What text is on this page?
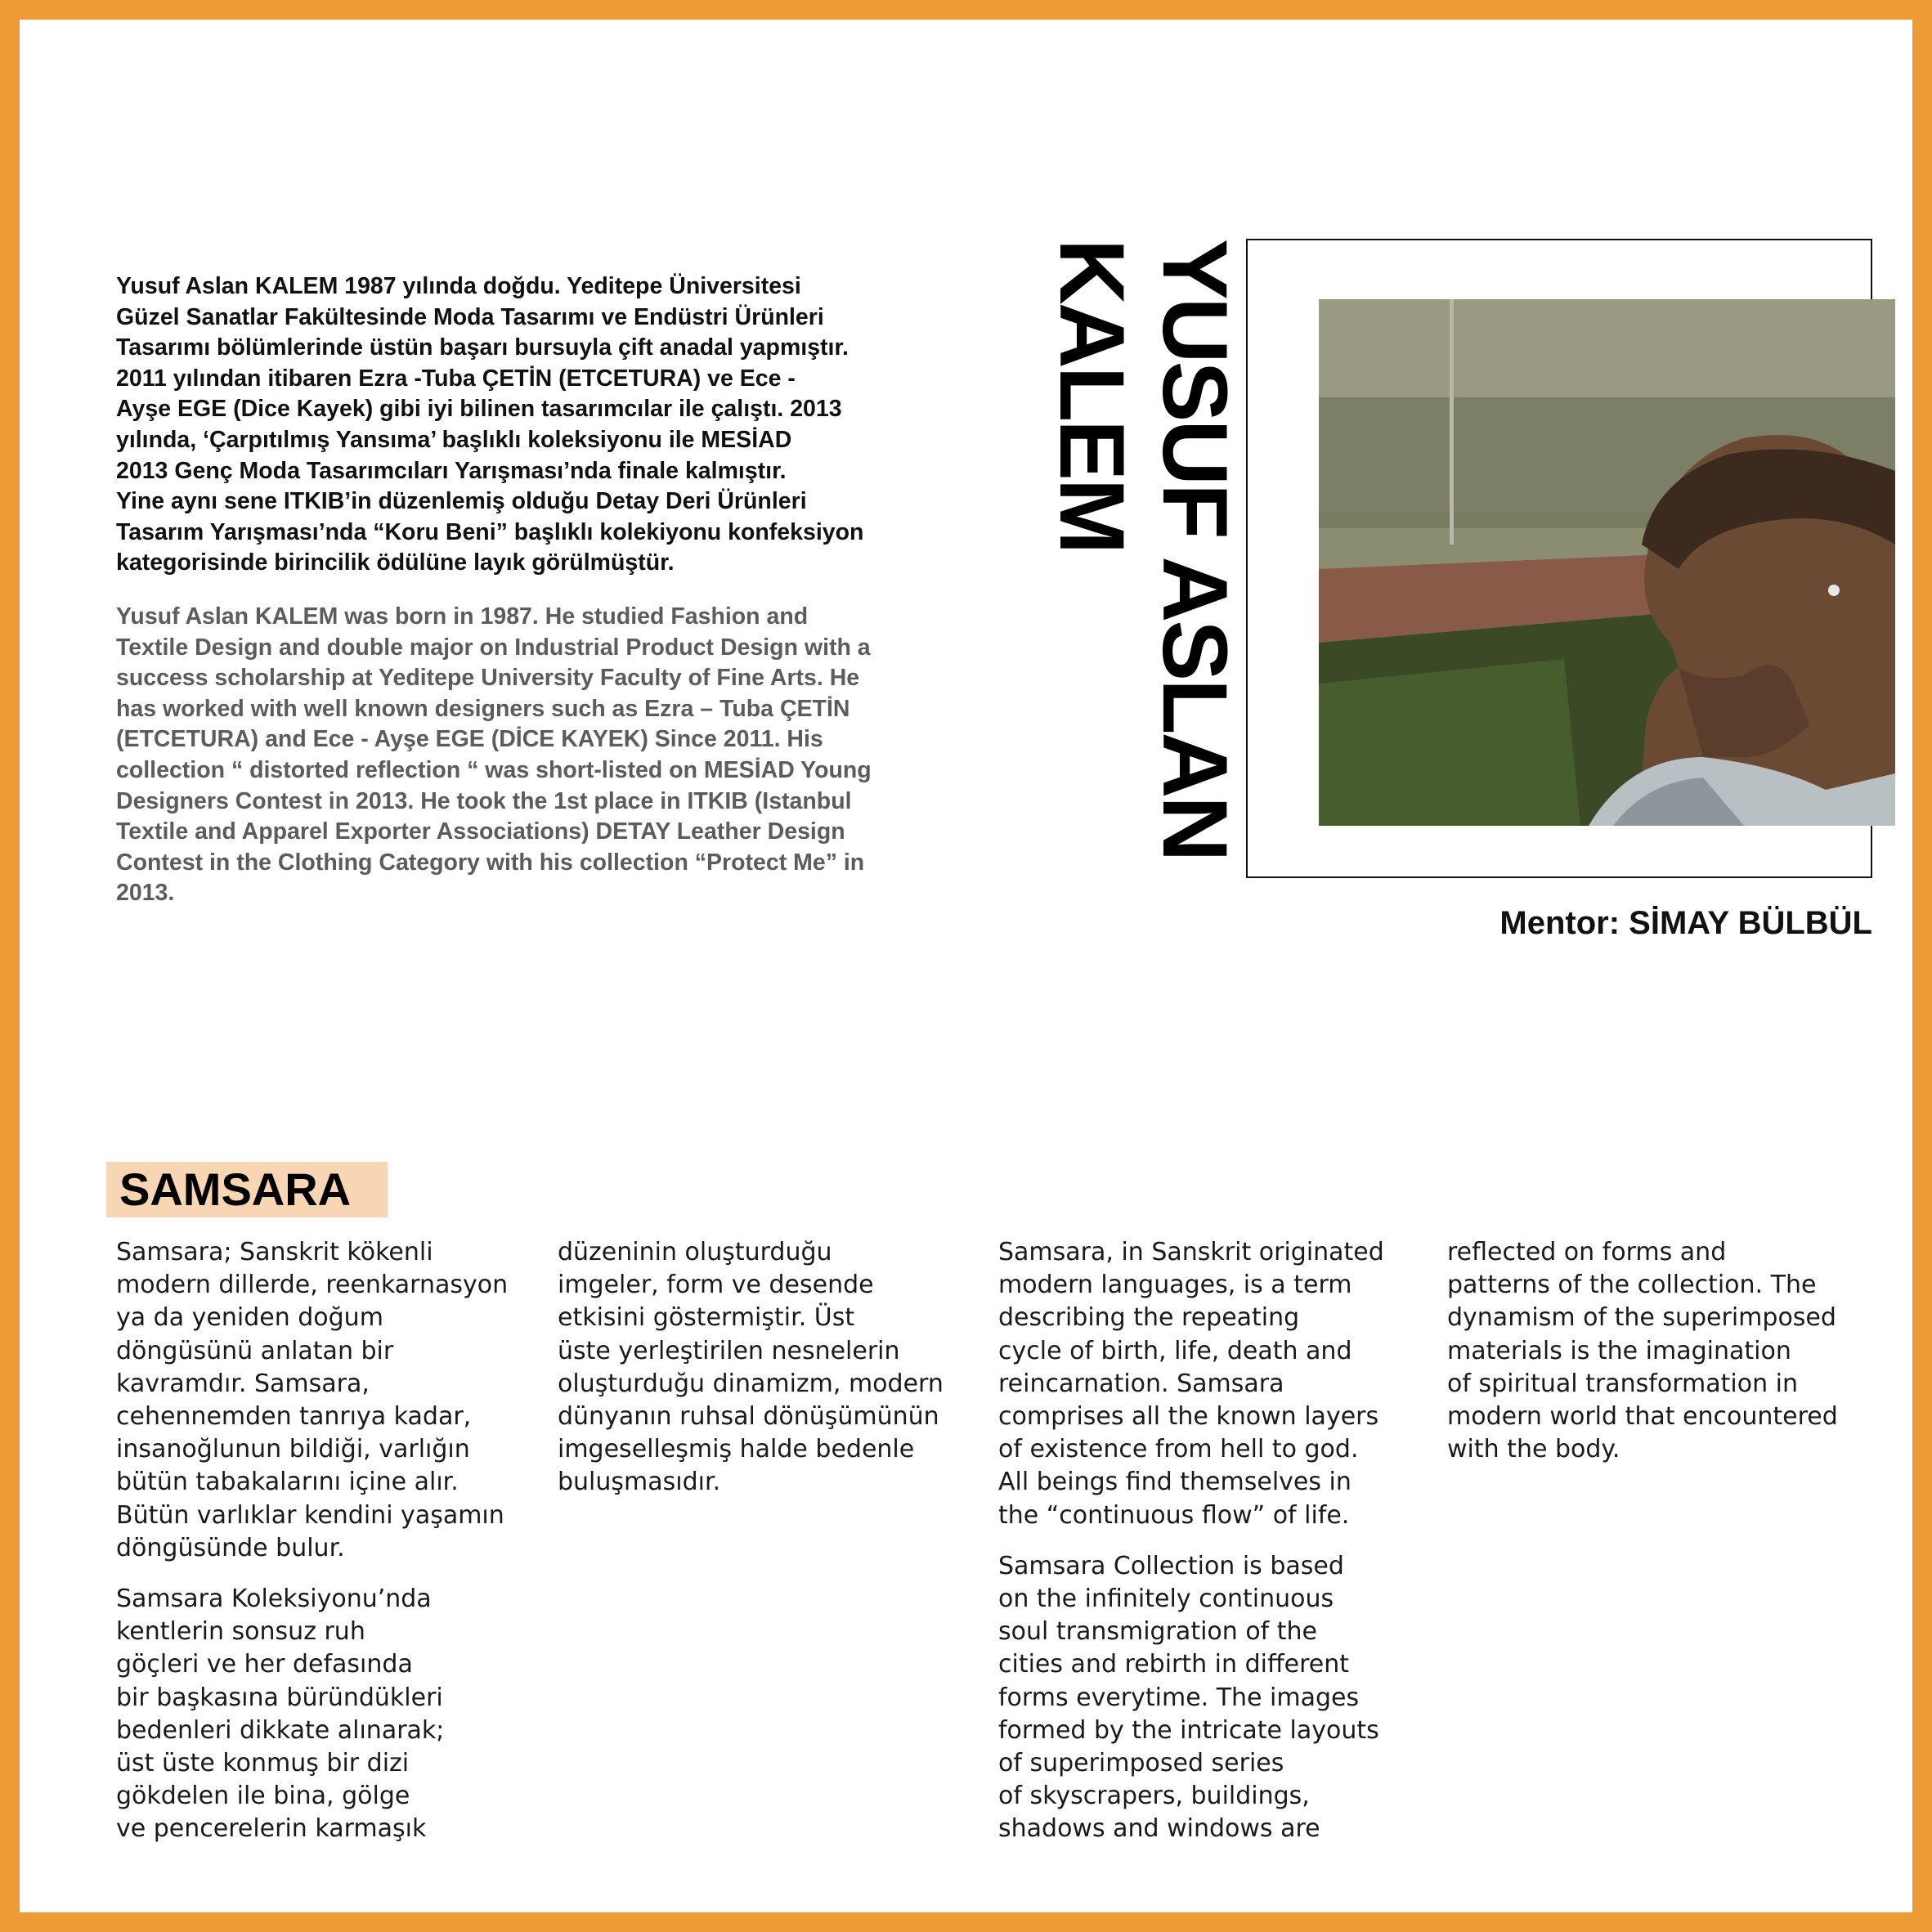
Yusuf Aslan KALEM 1987 yılında doğdu. Yeditepe Üniversitesi
Güzel Sanatlar Fakültesinde Moda Tasarımı ve Endüstri Ürünleri
Tasarımı bölümlerinde üstün başarı bursuyla çift anadal yapmıştır.
2011 yılından itibaren Ezra -Tuba ÇETİN (ETCETURA) ve Ece -
Ayşe EGE (Dice Kayek) gibi iyi bilinen tasarımcılar ile çalıştı. 2013
yılında, ‘Çarpıtılmış Yansıma’ başlıklı koleksiyonu ile MESİAD
2013 Genç Moda Tasarımcıları Yarışması’nda finale kalmıştır.
Yine aynı sene ITKIB’in düzenlemiş olduğu Detay Deri Ürünleri
Tasarım Yarışması’nda “Koru Beni” başlıklı kolekiyonu konfeksiyon
kategorisinde birincilik ödülüne layık görülmüştür.
Yusuf Aslan KALEM was born in 1987. He studied Fashion and
Textile Design and double major on Industrial Product Design with a
success scholarship at Yeditepe University Faculty of Fine Arts. He
has worked with well known designers such as Ezra – Tuba ÇETİN
(ETCETURA) and Ece - Ayşe EGE (DİCE KAYEK) Since 2011. His
collection “ distorted reflection “ was short-listed on MESİAD Young
Designers Contest in 2013. He took the 1st place in ITKIB (Istanbul
Textile and Apparel Exporter Associations) DETAY Leather Design
Contest in the Clothing Category with his collection “Protect Me” in
2013.
YUSUF ASLAN
KALEM
Mentor: SİMAY BÜLBÜL
SAMSARA
Samsara; Sanskrit kökenli
modern dillerde, reenkarnasyon
ya da yeniden doğum
döngüsünü anlatan bir
kavramdır. Samsara,
cehennemden tanrıya kadar,
insanoğlunun bildiği, varlığın
bütün tabakalarını içine alır.
Bütün varlıklar kendini yaşamın
döngüsünde bulur.
Samsara Koleksiyonu’nda
kentlerin sonsuz ruh
göçleri ve her defasında
bir başkasına büründükleri
bedenleri dikkate alınarak;
üst üste konmuş bir dizi
gökdelen ile bina, gölge
ve pencerelerin karmaşık
düzeninin oluşturduğu
imgeler, form ve desende
etkisini göstermiştir. Üst
üste yerleştirilen nesnelerin
oluşturduğu dinamizm, modern
dünyanın ruhsal dönüşümünün
imgeselleşmiş halde bedenle
buluşmasıdır.
Samsara, in Sanskrit originated
modern languages, is a term
describing the repeating
cycle of birth, life, death and
reincarnation. Samsara
comprises all the known layers
of existence from hell to god.
All beings find themselves in
the “continuous flow” of life.
Samsara Collection is based
on the infinitely continuous
soul transmigration of the
cities and rebirth in different
forms everytime. The images
formed by the intricate layouts
of superimposed series
of skyscrapers, buildings,
shadows and windows are
reflected on forms and
patterns of the collection. The
dynamism of the superimposed
materials is the imagination
of spiritual transformation in
modern world that encountered
with the body.
